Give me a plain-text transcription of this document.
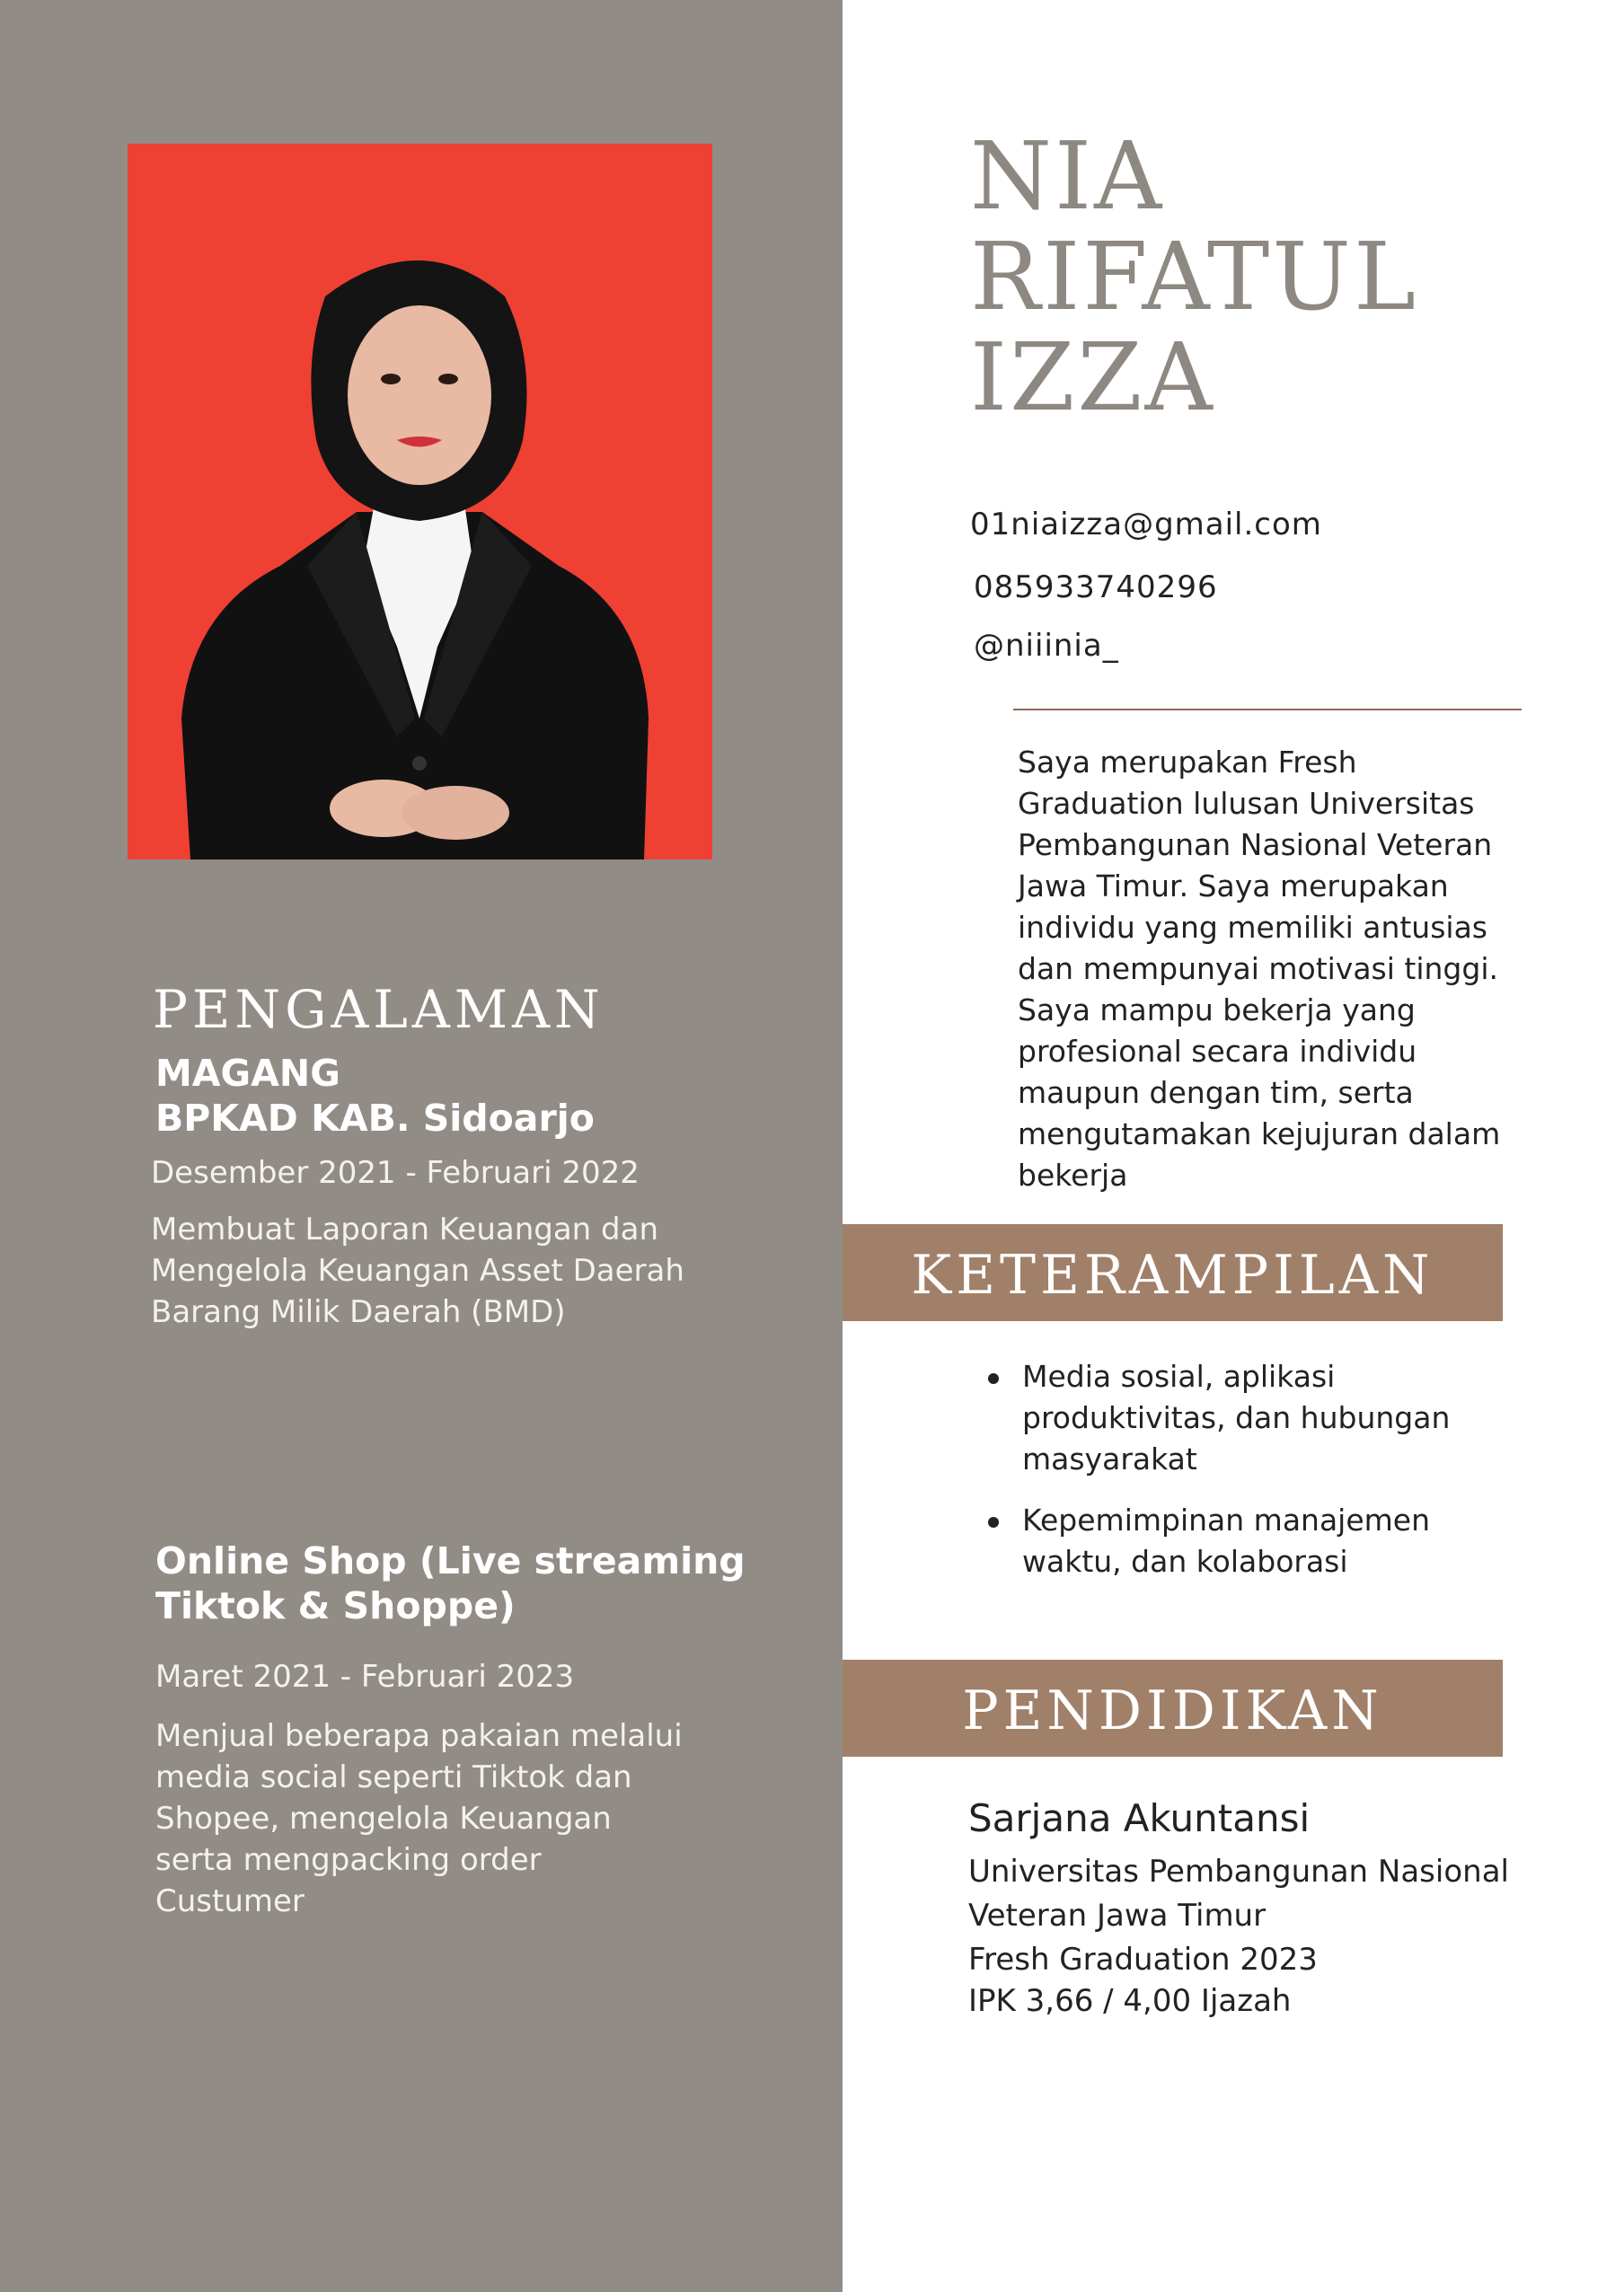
PENGALAMAN
MAGANG
BPKAD KAB. Sidoarjo
Desember 2021 - Februari 2022
Membuat Laporan Keuangan dan Mengelola Keuangan Asset Daerah Barang Milik Daerah (BMD)
Online Shop (Live streaming
Tiktok & Shoppe)
Maret 2021 - Februari 2023
Menjual beberapa pakaian melalui media social seperti Tiktok dan Shopee, mengelola Keuangan serta mengpacking order Custumer
NIA
RIFATUL
IZZA
01niaizza@gmail.com
085933740296
@niiinia_
Saya merupakan Fresh Graduation lulusan Universitas Pembangunan Nasional Veteran Jawa Timur. Saya merupakan individu yang memiliki antusias dan mempunyai motivasi tinggi. Saya mampu bekerja yang profesional secara individu maupun dengan tim, serta mengutamakan kejujuran dalam bekerja
KETERAMPILAN
Media sosial, aplikasi produktivitas, dan hubungan masyarakat
Kepemimpinan manajemen waktu, dan kolaborasi
PENDIDIKAN
Sarjana Akuntansi
Universitas Pembangunan Nasional
Veteran Jawa Timur
Fresh Graduation 2023
IPK 3,66 / 4,00 Ijazah
